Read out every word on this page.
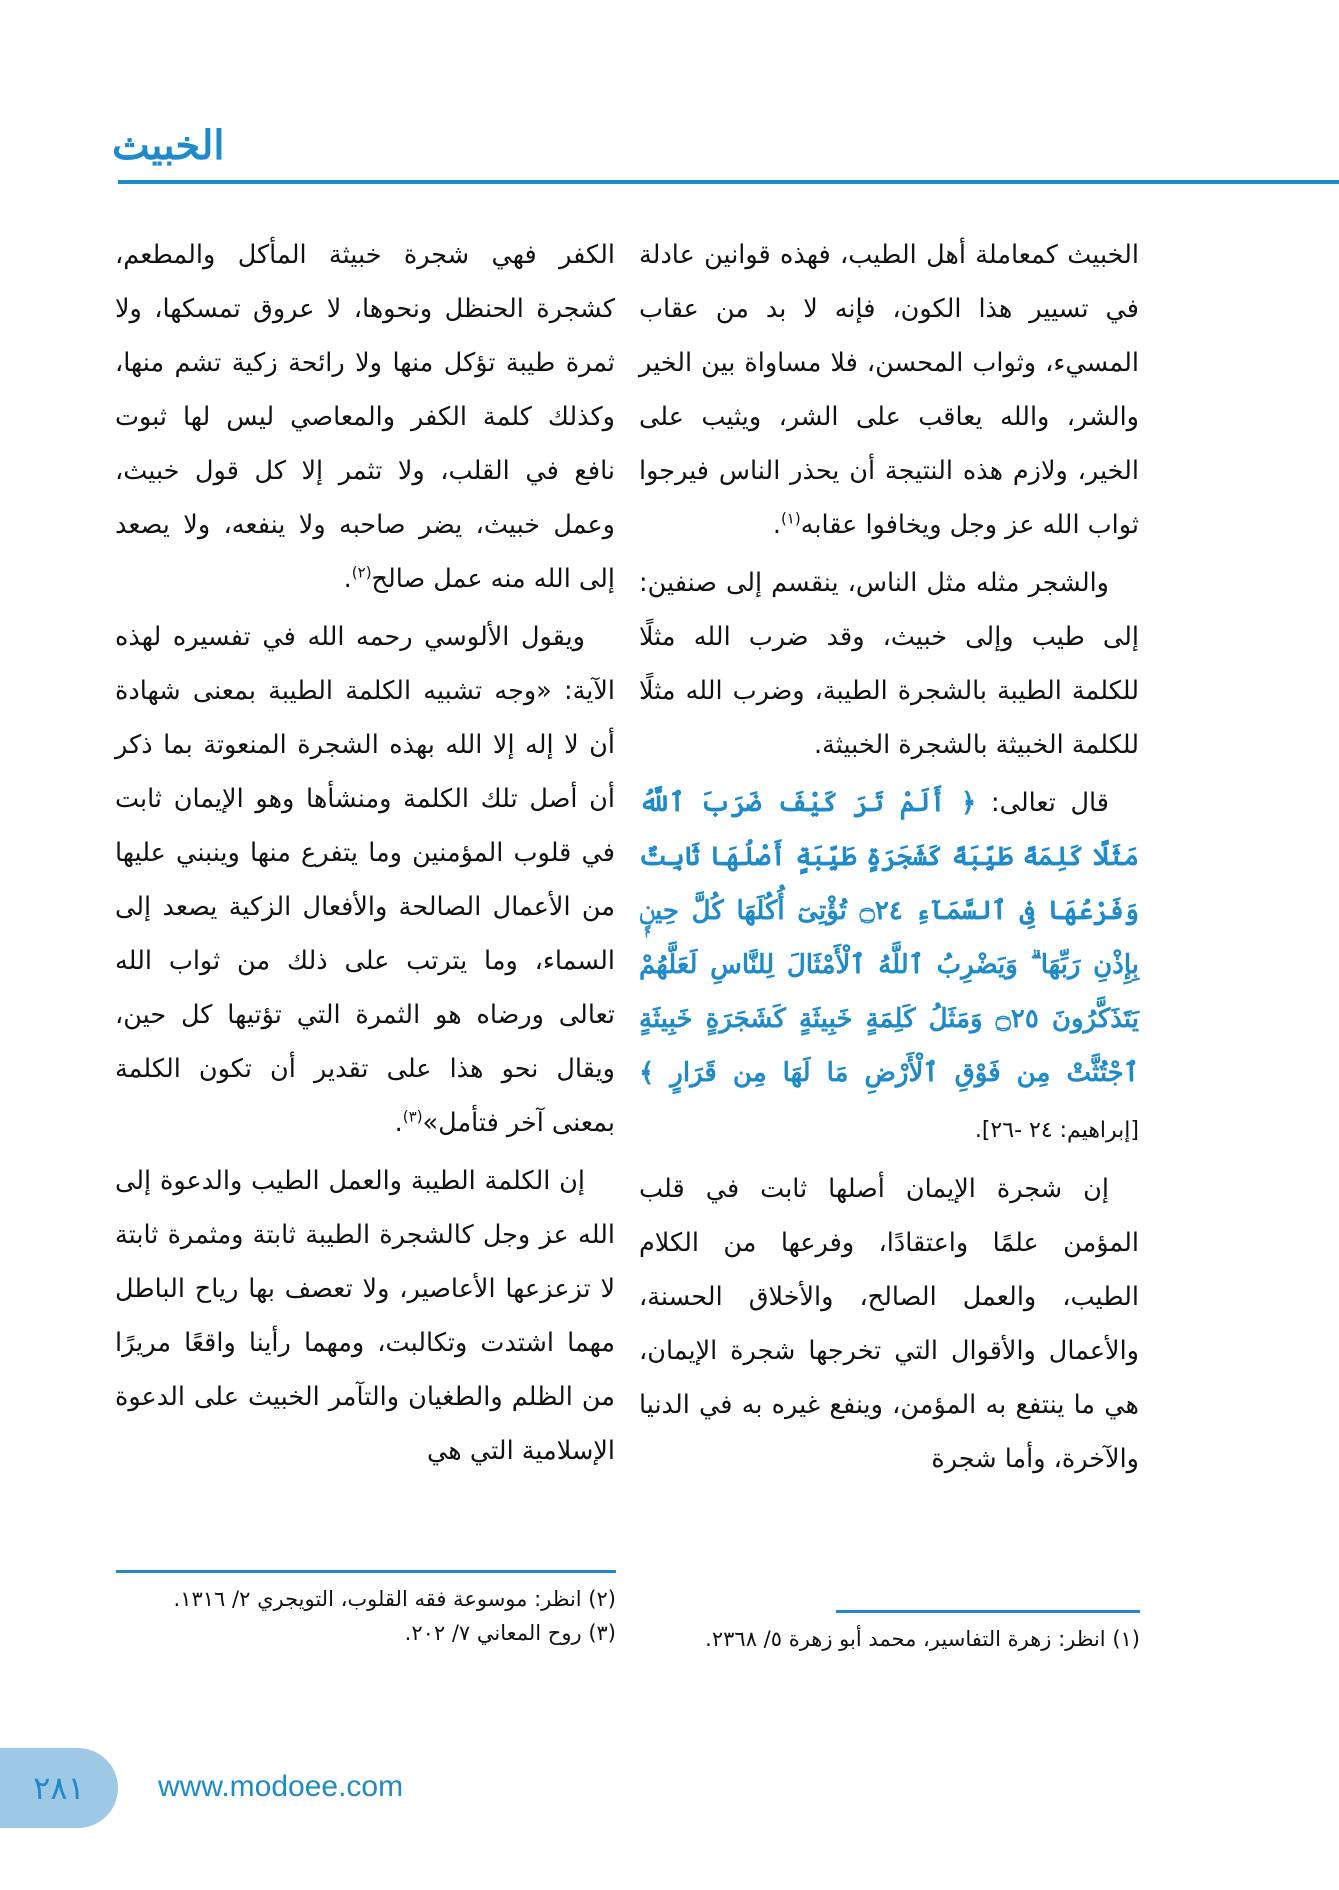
الخبيث

الخبيث كمعاملة أهل الطيب، فهذه قوانين عادلة في تسيير هذا الكون، فإنه لا بد من عقاب المسيء، وثواب المحسن، فلا مساواة بين الخير والشر، والله يعاقب على الشر، ويثيب على الخير، ولازم هذه النتيجة أن يحذر الناس فيرجوا ثواب الله عز وجل ويخافوا عقابه$^{(١)}$.

والشجر مثله مثل الناس، ينقسم إلى صنفين: إلى طيب وإلى خبيث، وقد ضرب الله مثلًا للكلمة الطيبة بالشجرة الطيبة، وضرب الله مثلًا للكلمة الخبيثة بالشجرة الخبيثة.

قال تعالى: ﴿ أَلَمْ تَرَ كَيْفَ ضَرَبَ ٱللَّهُ مَثَلًا كَلِمَةً طَيِّبَةً كَشَجَرَةٍ طَيِّبَةٍ أَصْلُهَا ثَابِتٌ وَفَرْعُهَا فِى ٱلسَّمَآءِ ۝٢٤ تُؤْتِىٓ أُكُلَهَا كُلَّ حِينٍۭ بِإِذْنِ رَبِّهَا ۗ وَيَضْرِبُ ٱللَّهُ ٱلْأَمْثَالَ لِلنَّاسِ لَعَلَّهُمْ يَتَذَكَّرُونَ ۝٢٥ وَمَثَلُ كَلِمَةٍ خَبِيثَةٍ كَشَجَرَةٍ خَبِيثَةٍ ٱجْتُثَّتْ مِن فَوْقِ ٱلْأَرْضِ مَا لَهَا مِن قَرَارٍ ﴾ [إبراهيم: ٢٤ -٢٦].

إن شجرة الإيمان أصلها ثابت في قلب المؤمن علمًا واعتقادًا، وفرعها من الكلام الطيب، والعمل الصالح، والأخلاق الحسنة، والأعمال والأقوال التي تخرجها شجرة الإيمان، هي ما ينتفع به المؤمن، وينفع غيره به في الدنيا والآخرة، وأما شجرة

الكفر فهي شجرة خبيثة المأكل والمطعم، كشجرة الحنظل ونحوها، لا عروق تمسكها، ولا ثمرة طيبة تؤكل منها ولا رائحة زكية تشم منها، وكذلك كلمة الكفر والمعاصي ليس لها ثبوت نافع في القلب، ولا تثمر إلا كل قول خبيث، وعمل خبيث، يضر صاحبه ولا ينفعه، ولا يصعد إلى الله منه عمل صالح$^{(٢)}$.

ويقول الألوسي رحمه الله في تفسيره لهذه الآية: «وجه تشبيه الكلمة الطيبة بمعنى شهادة أن لا إله إلا الله بهذه الشجرة المنعوتة بما ذكر أن أصل تلك الكلمة ومنشأها وهو الإيمان ثابت في قلوب المؤمنين وما يتفرع منها وينبني عليها من الأعمال الصالحة والأفعال الزكية يصعد إلى السماء، وما يترتب على ذلك من ثواب الله تعالى ورضاه هو الثمرة التي تؤتيها كل حين، ويقال نحو هذا على تقدير أن تكون الكلمة بمعنى آخر فتأمل»$^{(٣)}$.

إن الكلمة الطيبة والعمل الطيب والدعوة إلى الله عز وجل كالشجرة الطيبة ثابتة ومثمرة ثابتة لا تزعزعها الأعاصير، ولا تعصف بها رياح الباطل مهما اشتدت وتكالبت، ومهما رأينا واقعًا مريرًا من الظلم والطغيان والتآمر الخبيث على الدعوة الإسلامية التي هي

(٢) انظر: موسوعة فقه القلوب، التويجري ٢/ ١٣١٦.

(٣) روح المعاني ٧/ ٢٠٢.	(١) انظر: زهرة التفاسير، محمد أبو زهرة ٥/ ٢٣٦٨.

٢٨١ www.modoee.com
